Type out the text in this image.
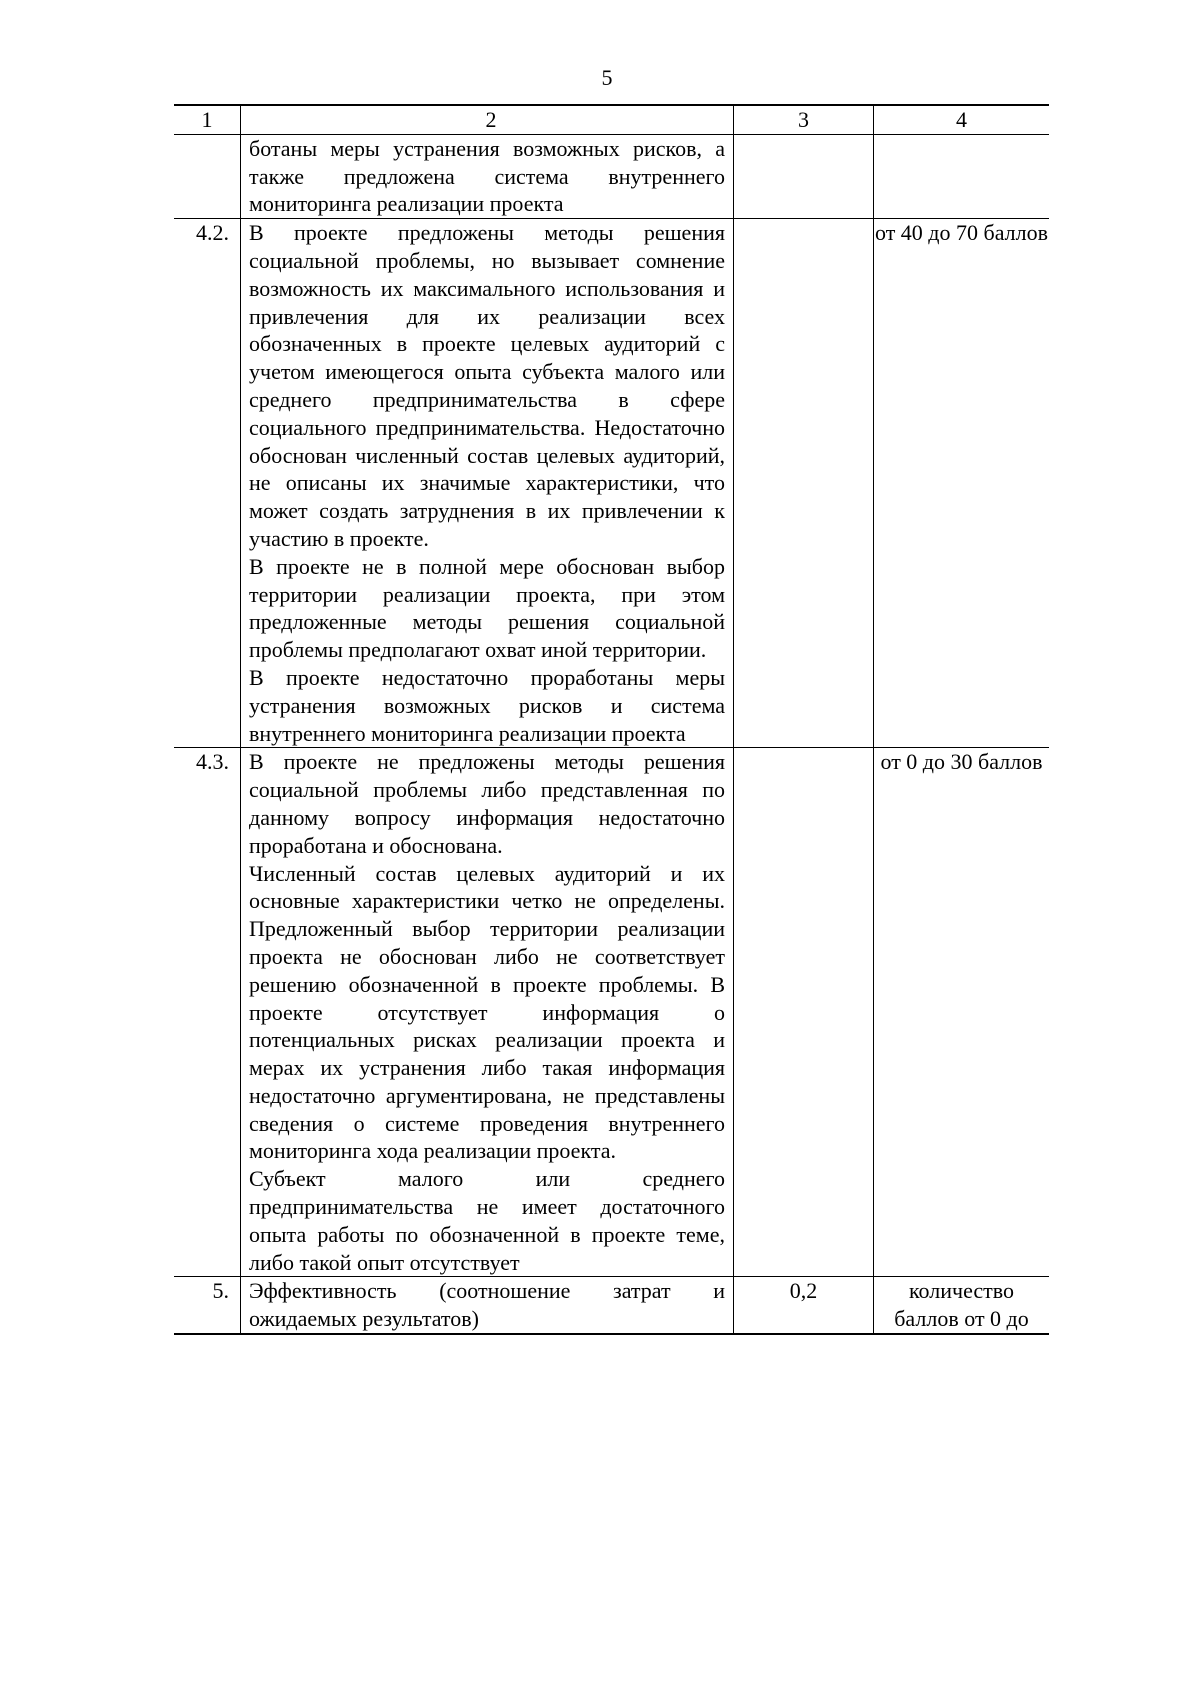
5
1	2	3	4

	ботаны меры устранения возможных рисков, а также предложена система внутреннего мониторинга реализации проекта		

4.2.	В проекте предложены методы решения социальной проблемы, но вызывает сомнение возможность их максимального использования и привлечения для их реализации всех обозначенных в проекте целевых аудиторий с учетом имеющегося опыта субъекта малого или среднего предпринимательства в сфере социального предпринимательства. Недостаточно обоснован численный состав целевых аудиторий, не описаны их значимые характеристики, что может создать затруднения в их привлечении к участию в проекте.

В проекте не в полной мере обоснован выбор территории реализации проекта, при этом предложенные методы решения социальной проблемы предполагают охват иной территории.

В проекте недостаточно проработаны меры устранения возможных рисков и система внутреннего мониторинга реализации проекта		от 40 до 70 баллов
4.3.	В проекте не предложены методы решения социальной проблемы либо представленная по данному вопросу информация недостаточно проработана и обоснована.

Численный состав целевых аудиторий и их основные характеристики четко не определены. Предложенный выбор территории реализации проекта не обоснован либо не соответствует решению обозначенной в проекте проблемы. В проекте отсутствует информация о потенциальных рисках реализации проекта и мерах их устранения либо такая информация недостаточно аргументирована, не представлены сведения о системе проведения внутреннего мониторинга хода реализации проекта.

Субъект малого или среднего предпринимательства не имеет достаточного опыта работы по обозначенной в проекте теме, либо такой опыт отсутствует		от 0 до 30 баллов
5.	Эффективность (соотношение затрат и ожидаемых результатов)	0,2	количество баллов от 0 до
